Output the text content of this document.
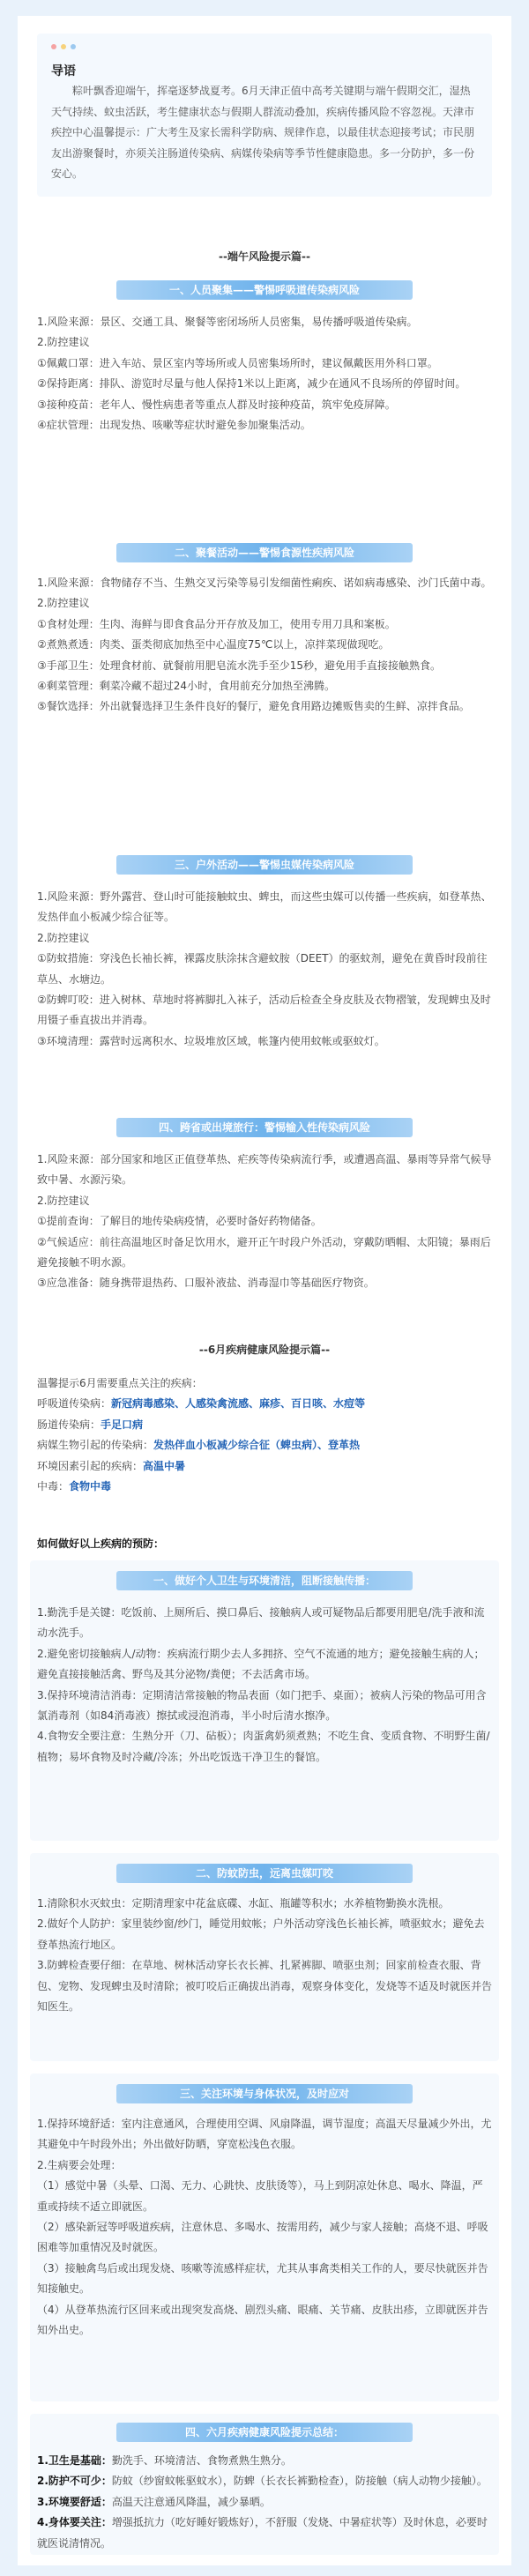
导语
粽叶飘香迎端午，挥毫逐梦战夏考。6月天津正值中高考关键期与端午假期交汇，湿热天气持续、蚊虫活跃，考生健康状态与假期人群流动叠加，疾病传播风险不容忽视。天津市疾控中心温馨提示：广大考生及家长需科学防病、规律作息，以最佳状态迎接考试；市民朋友出游聚餐时，亦须关注肠道传染病、病媒传染病等季节性健康隐患。多一分防护，多一份安心。
--端午风险提示篇--
一、人员聚集——警惕呼吸道传染病风险

1.风险来源：景区、交通工具、聚餐等密闭场所人员密集，易传播呼吸道传染病。

2.防控建议

①佩戴口罩：进入车站、景区室内等场所或人员密集场所时，建议佩戴医用外科口罩。

②保持距离：排队、游览时尽量与他人保持1米以上距离，减少在通风不良场所的停留时间。

③接种疫苗：老年人、慢性病患者等重点人群及时接种疫苗，筑牢免疫屏障。

④症状管理：出现发热、咳嗽等症状时避免参加聚集活动。

二、聚餐活动——警惕食源性疾病风险

1.风险来源：食物储存不当、生熟交叉污染等易引发细菌性痢疾、诺如病毒感染、沙门氏菌中毒。

2.防控建议

①食材处理：生肉、海鲜与即食食品分开存放及加工，使用专用刀具和案板。

②煮熟煮透：肉类、蛋类彻底加热至中心温度75℃以上，凉拌菜现做现吃。

③手部卫生：处理食材前、就餐前用肥皂流水洗手至少15秒，避免用手直接接触熟食。

④剩菜管理：剩菜冷藏不超过24小时，食用前充分加热至沸腾。

⑤餐饮选择：外出就餐选择卫生条件良好的餐厅，避免食用路边摊贩售卖的生鲜、凉拌食品。

三、户外活动——警惕虫媒传染病风险

1.风险来源：野外露营、登山时可能接触蚊虫、蜱虫，而这些虫媒可以传播一些疾病，如登革热、发热伴血小板减少综合征等。

2.防控建议

①防蚊措施：穿浅色长袖长裤，裸露皮肤涂抹含避蚊胺（DEET）的驱蚊剂，避免在黄昏时段前往草丛、水塘边。

②防蜱叮咬：进入树林、草地时将裤脚扎入袜子，活动后检查全身皮肤及衣物褶皱，发现蜱虫及时用镊子垂直拔出并消毒。

③环境清理：露营时远离积水、垃圾堆放区域，帐篷内使用蚊帐或驱蚊灯。

四、跨省或出境旅行：警惕输入性传染病风险

1.风险来源：部分国家和地区正值登革热、疟疾等传染病流行季，或遭遇高温、暴雨等异常气候导致中暑、水源污染。

2.防控建议

①提前查询：了解目的地传染病疫情，必要时备好药物储备。

②气候适应：前往高温地区时备足饮用水，避开正午时段户外活动，穿戴防晒帽、太阳镜；暴雨后避免接触不明水源。

③应急准备：随身携带退热药、口服补液盐、消毒湿巾等基础医疗物资。

--6月疾病健康风险提示篇--

温馨提示6月需要重点关注的疾病：

呼吸道传染病：新冠病毒感染、人感染禽流感、麻疹、百日咳、水痘等

肠道传染病：手足口病

病媒生物引起的传染病：发热伴血小板减少综合征（蜱虫病）、登革热

环境因素引起的疾病：高温中暑

中毒：食物中毒

如何做好以上疾病的预防：
一、做好个人卫生与环境清洁，阻断接触传播：

1.勤洗手是关键：吃饭前、上厕所后、摸口鼻后、接触病人或可疑物品后都要用肥皂/洗手液和流动水洗手。

2.避免密切接触病人/动物：疾病流行期少去人多拥挤、空气不流通的地方；避免接触生病的人；避免直接接触活禽、野鸟及其分泌物/粪便；不去活禽市场。

3.保持环境清洁消毒：定期清洁常接触的物品表面（如门把手、桌面）；被病人污染的物品可用含氯消毒剂（如84消毒液）擦拭或浸泡消毒，半小时后清水擦净。

4.食物安全要注意：生熟分开（刀、砧板）；肉蛋禽奶须煮熟；不吃生食、变质食物、不明野生菌/植物；易坏食物及时冷藏/冷冻；外出吃饭选干净卫生的餐馆。

二、防蚊防虫，远离虫媒叮咬

1.清除积水灭蚊虫：定期清理家中花盆底碟、水缸、瓶罐等积水；水养植物勤换水洗根。

2.做好个人防护：家里装纱窗/纱门，睡觉用蚊帐；户外活动穿浅色长袖长裤，喷驱蚊水；避免去登革热流行地区。

3.防蜱检查要仔细：在草地、树林活动穿长衣长裤、扎紧裤脚、喷驱虫剂；回家前检查衣服、背包、宠物、发现蜱虫及时清除；被叮咬后正确拔出消毒，观察身体变化，发烧等不适及时就医并告知医生。

三、关注环境与身体状况，及时应对

1.保持环境舒适：室内注意通风，合理使用空调、风扇降温，调节湿度；高温天尽量减少外出，尤其避免中午时段外出；外出做好防晒，穿宽松浅色衣服。

2.生病要会处理：

（1）感觉中暑（头晕、口渴、无力、心跳快、皮肤烫等），马上到阴凉处休息、喝水、降温，严重或持续不适立即就医。

（2）感染新冠等呼吸道疾病，注意休息、多喝水、按需用药，减少与家人接触；高烧不退、呼吸困难等加重情况及时就医。

（3）接触禽鸟后或出现发烧、咳嗽等流感样症状，尤其从事禽类相关工作的人，要尽快就医并告知接触史。

（4）从登革热流行区回来或出现突发高烧、剧烈头痛、眼痛、关节痛、皮肤出疹，立即就医并告知外出史。

四、六月疾病健康风险提示总结：

1.卫生是基础：勤洗手、环境清洁、食物煮熟生熟分。

2.防护不可少：防蚊（纱窗蚊帐驱蚊水），防蜱（长衣长裤勤检查），防接触（病人动物少接触）。

3.环境要舒适：高温天注意通风降温，减少暴晒。

4.身体要关注：增强抵抗力（吃好睡好锻炼好），不舒服（发烧、中暑症状等）及时休息，必要时就医说清情况。
